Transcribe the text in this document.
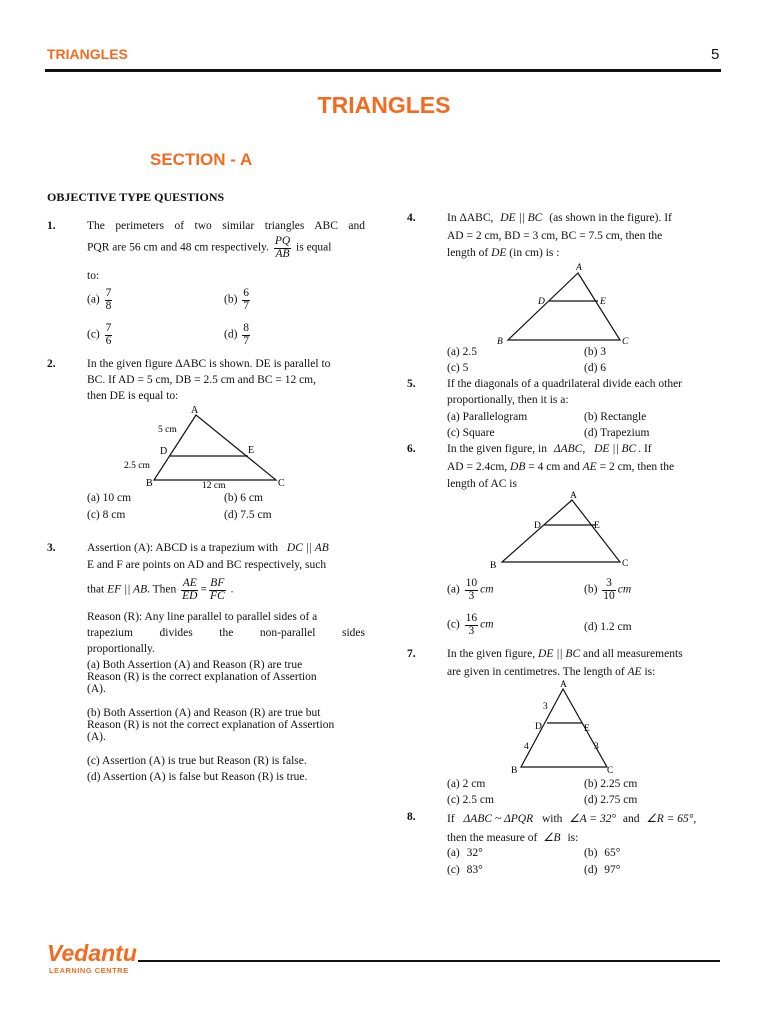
TRIANGLES	5
TRIANGLES
SECTION - A
OBJECTIVE TYPE QUESTIONS
1.	The perimeters of two similar triangles ABC and
PQR are 56 cm and 48 cm respectively. $\frac{PQ}{AB}$ is equal
to:
$(a) \frac{7}{8}$	$(b) \frac{6}{7}$
$(c) \frac{7}{6}$	$(d) \frac{8}{7}$
2.	In the given figure ΔABC is shown. DE is parallel to
BC. If AD = 5 cm, DB = 2.5 cm and BC = 12 cm,
then DE is equal to:
A
B	C
D	E
5 cm
2.5 cm
12 cm
(a) 10 cm	(b) 6 cm
(c) 8 cm	(d) 7.5 cm
3.	Assertion (A): ABCD is a trapezium with DC || AB
E and F are points on AD and BC respectively, such
that EF || AB. Then $\frac{AE}{ED} = \frac{BF}{FC}$ .
Reason (R): Any line parallel to parallel sides of a
trapezium divides the non-parallel sides
proportionally.
(a) Both Assertion (A) and Reason (R) are true
Reason (R) is the correct explanation of Assertion
(A).
(b) Both Assertion (A) and Reason (R) are true but
Reason (R) is not the correct explanation of Assertion
(A).
(c) Assertion (A) is true but Reason (R) is false.
(d) Assertion (A) is false but Reason (R) is true.
4.	In ΔABC, DE || BC (as shown in the figure). If
AD = 2 cm, BD = 3 cm, BC = 7.5 cm, then the
length of DE (in cm) is :
A
B	C
D	E
(a) 2.5	(b) 3
(c) 5	(d) 6
5.	If the diagonals of a quadrilateral divide each other
proportionally, then it is a:
(a) Parallelogram	(b) Rectangle
(c) Square	(d) Trapezium
6.	In the given figure, in ΔABC, DE || BC . If
AD = 2.4cm, DB = 4 cm and AE = 2 cm, then the
length of AC is
A
B	C
D	E
$(a) \frac{10}{3}$ cm	$(b) \frac{3}{10}$ cm
$(c) \frac{16}{3}$ cm	(d) 1.2 cm
7.	In the given figure, DE || BC and all measurements
are given in centimetres. The length of AE is:
A
B	C
D	E
3
4	3
(a) 2 cm	(b) 2.25 cm
(c) 2.5 cm	(d) 2.75 cm
8.	If ΔABC ~ ΔPQR with ∠A = 32° and ∠R = 65°,
then the measure of ∠B is:
(a) 32°	(b) 65°
(c) 83°	(d) 97°
Vedantu
LEARNING CENTRE
